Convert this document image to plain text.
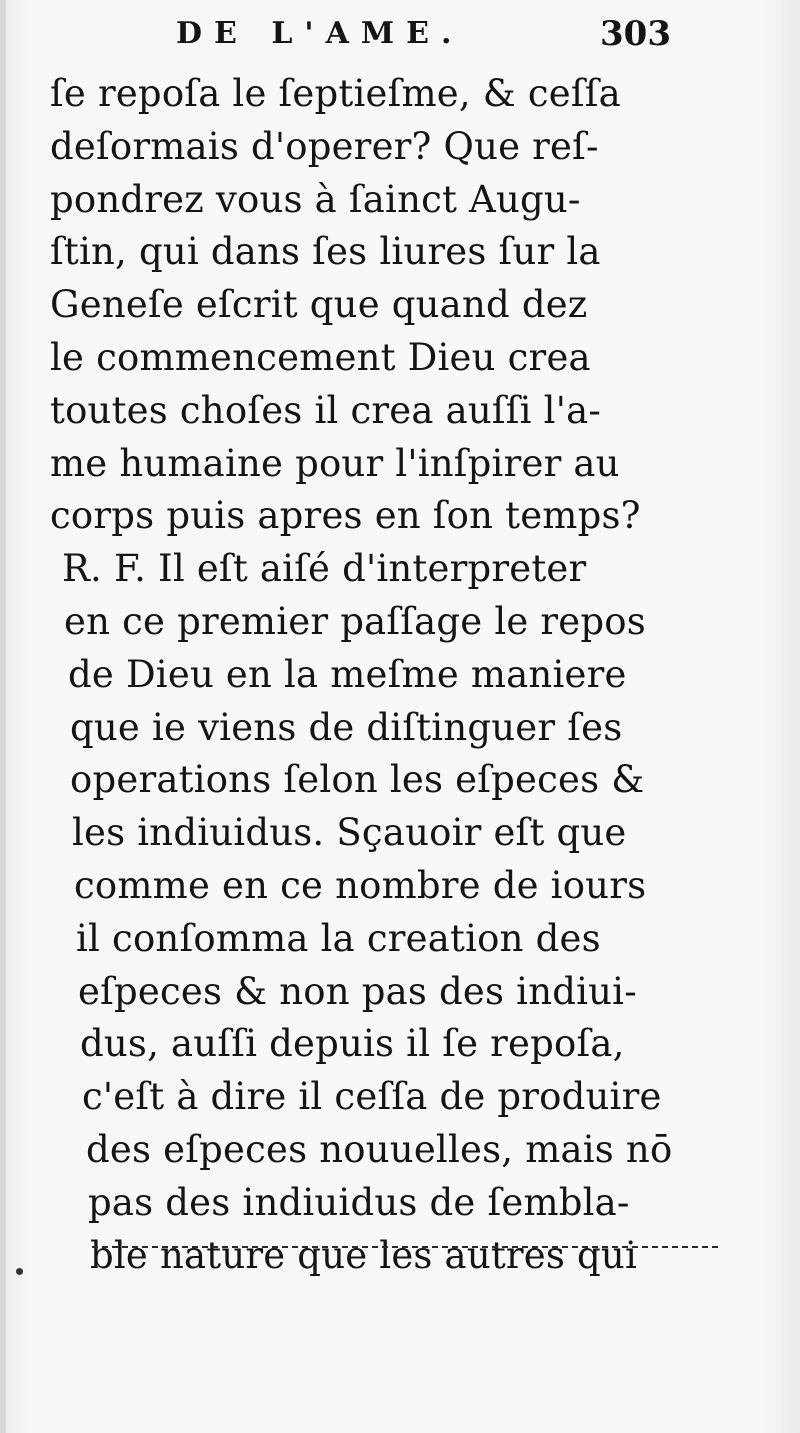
DE L'AME.	303
ſe repoſa le ſeptieſme, & ceſſa
deſormais d'operer? Que reſ-
pondrez vous à ſainct Augu-
ſtin, qui dans ſes liures ſur la
Geneſe eſcrit que quand dez
le commencement Dieu crea
toutes choſes il crea auſſi l'a-
me humaine pour l'inſpirer au
corps puis apres en ſon temps?
R. F. Il eſt aiſé d'interpreter
en ce premier paſſage le repos
de Dieu en la meſme maniere
que ie viens de diſtinguer ſes
operations ſelon les eſpeces &
les indiuidus. Sçauoir eſt que
comme en ce nombre de iours
il conſomma la creation des
eſpeces & non pas des indiui-
dus, auſſi depuis il ſe repoſa,
c'eſt à dire il ceſſa de produire
des eſpeces nouuelles, mais nō
pas des indiuidus de ſembla-
ble nature que les autres qui
